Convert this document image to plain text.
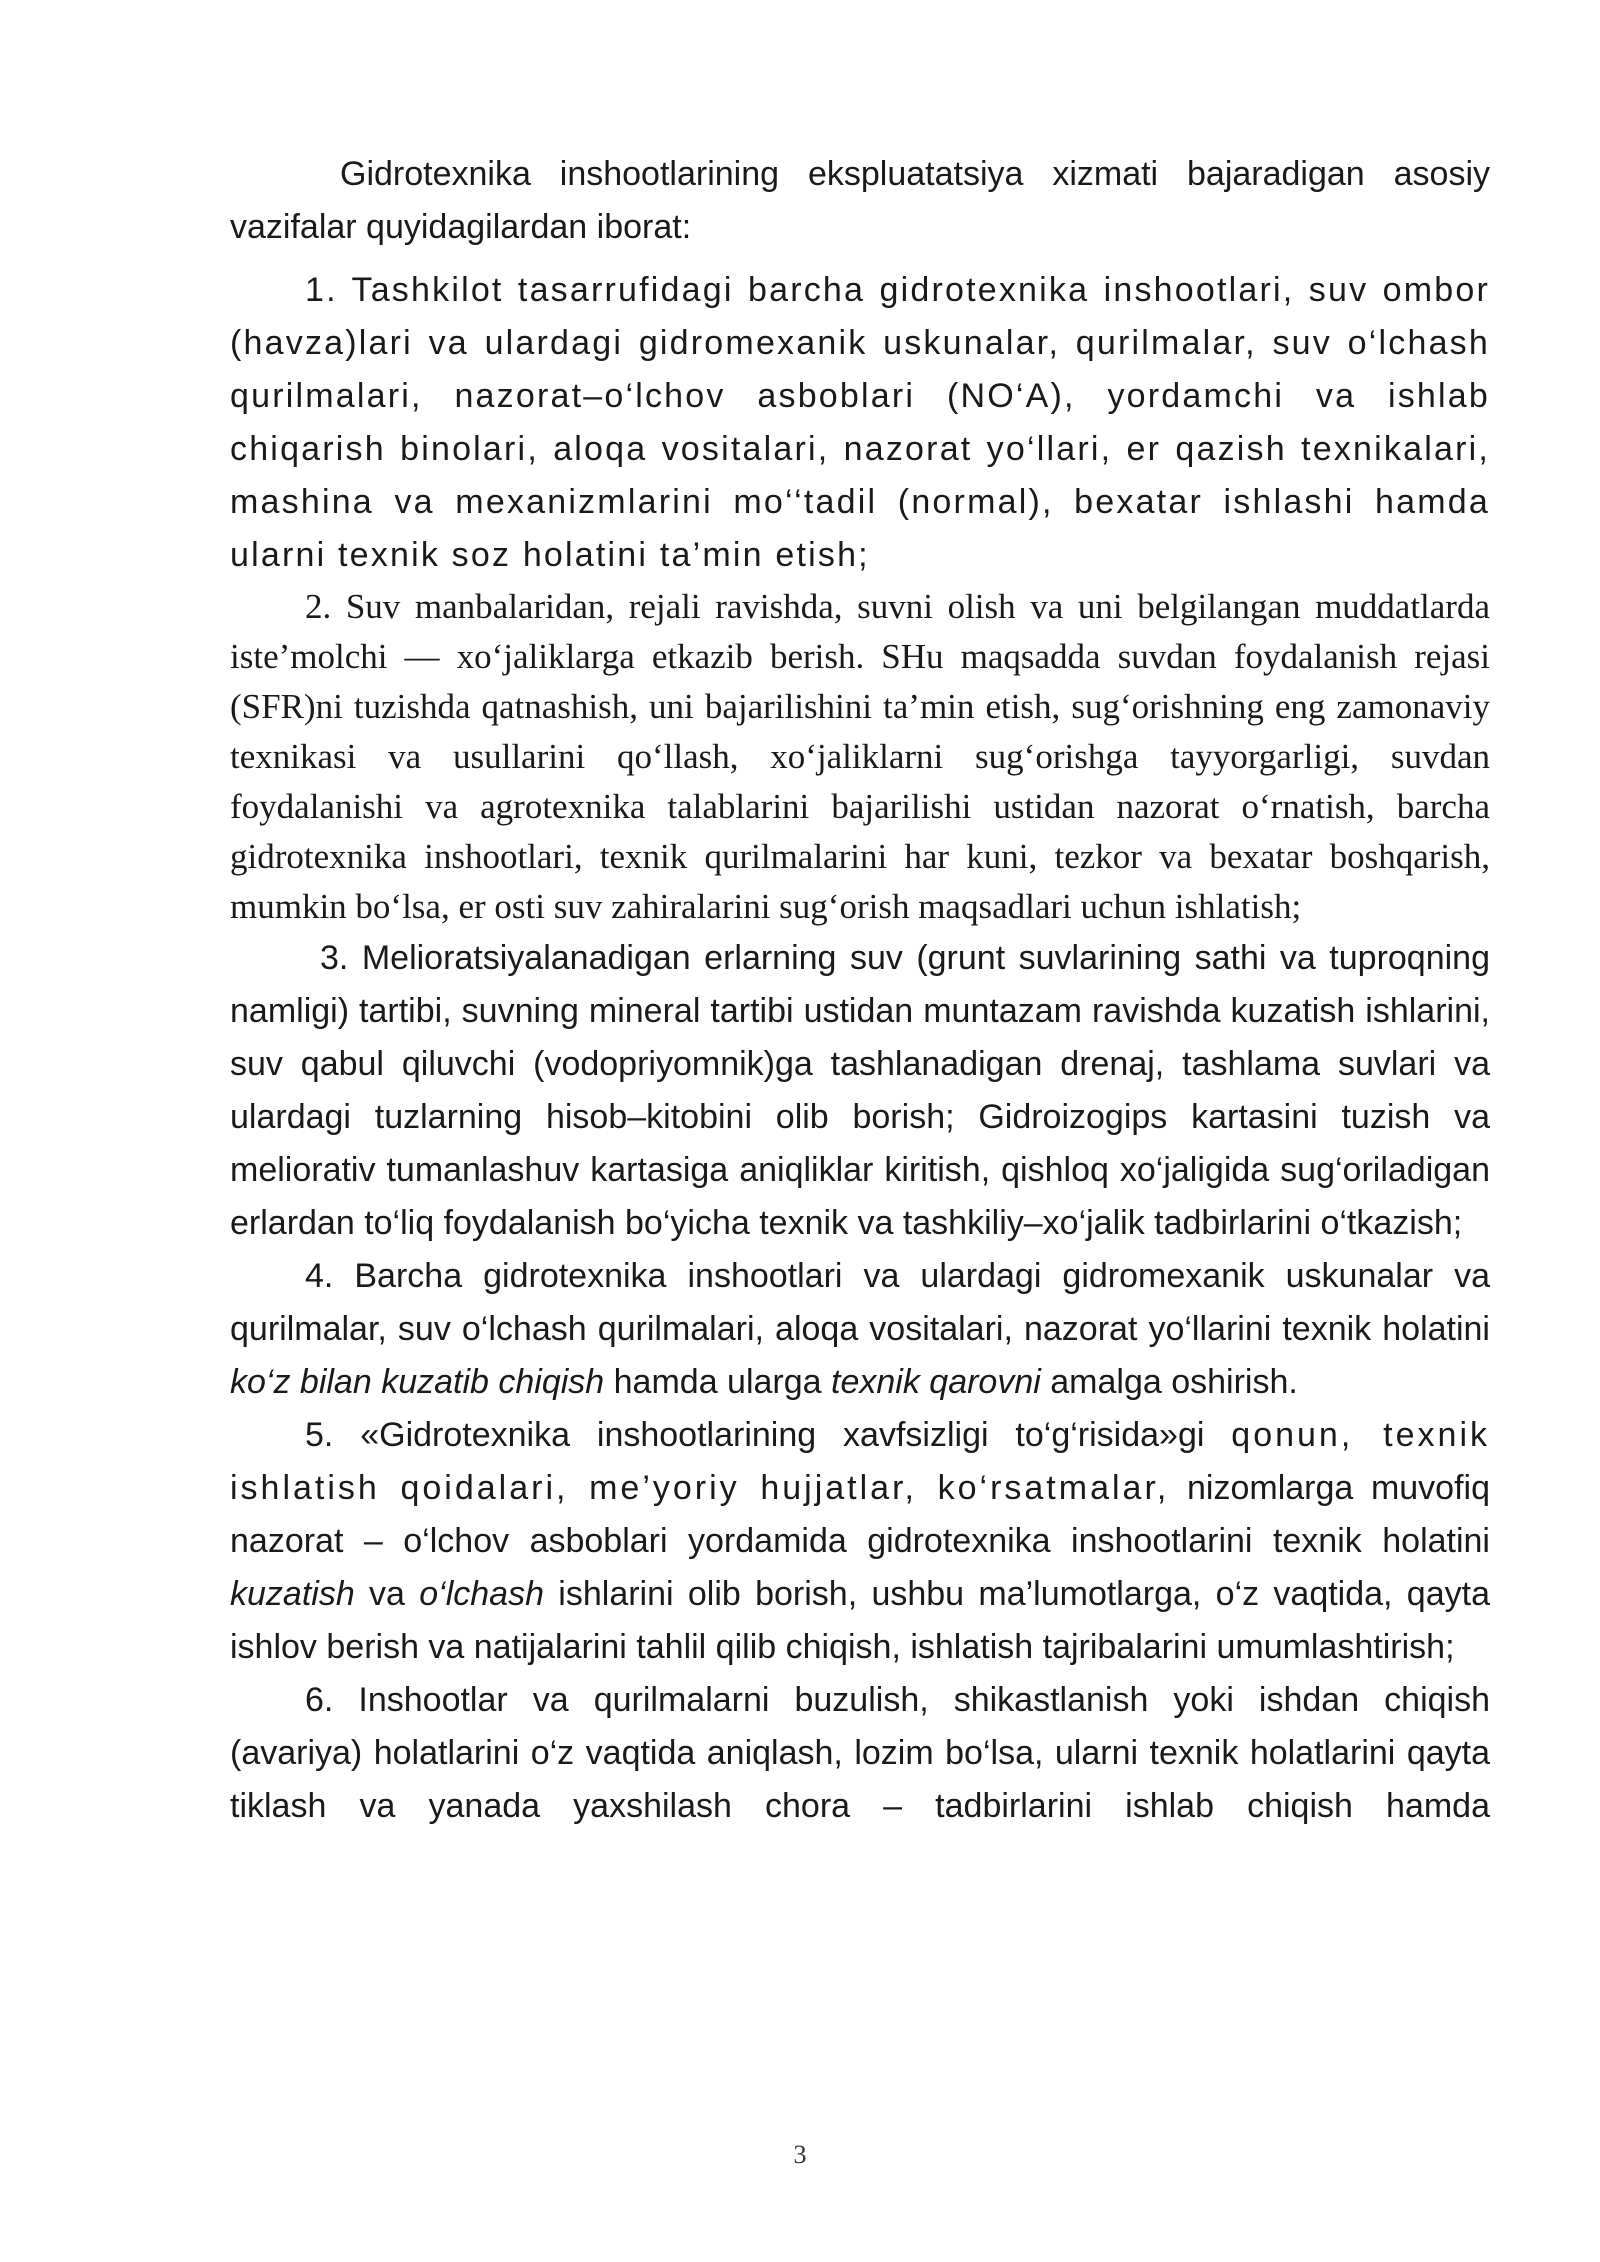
Gidrotexnika inshootlarining ekspluatatsiya xizmati bajaradigan asosiy vazifalar quyidagilardan iborat:

1. Tashkilot tasarrufidagi barcha gidrotexnika inshootlari, suv ombor (havza)lari va ulardagi gidromexanik uskunalar, qurilmalar, suv o‘lchash qurilmalari, nazorat–o‘lchov asboblari (NO‘A), yordamchi va ishlab chiqarish binolari, aloqa vositalari, nazorat yo‘llari, er qazish texnikalari, mashina va mexanizmlarini mo‘‘tadil (normal), bexatar ishlashi hamda ularni texnik soz holatini ta’min etish;

2. Suv manbalaridan, rejali ravishda, suvni olish va uni belgilangan muddatlarda iste’molchi — xo‘jaliklarga etkazib berish. SHu maqsadda suvdan foydalanish rejasi (SFR)ni tuzishda qatnashish, uni bajarilishini ta’min etish, sug‘orishning eng zamonaviy texnikasi va usullarini qo‘llash, xo‘jaliklarni sug‘orishga tayyorgarligi, suvdan foydalanishi va agrotexnika talablarini bajarilishi ustidan nazorat o‘rnatish, barcha gidrotexnika inshootlari, texnik qurilmalarini har kuni, tezkor va bexatar boshqarish, mumkin bo‘lsa, er osti suv zahiralarini sug‘orish maqsadlari uchun ishlatish;

3. Melioratsiyalanadigan erlarning suv (grunt suvlarining sathi va tuproqning namligi) tartibi, suvning mineral tartibi ustidan muntazam ravishda kuzatish ishlarini, suv qabul qiluvchi (vodopriyomnik)ga tashlanadigan drenaj, tashlama suvlari va ulardagi tuzlarning hisob–kitobini olib borish; Gidroizogips kartasini tuzish va meliorativ tumanlashuv kartasiga aniqliklar kiritish, qishloq xo‘jaligida sug‘oriladigan erlardan to‘liq foydalanish bo‘yicha texnik va tashkiliy–xo‘jalik tadbirlarini o‘tkazish;

4. Barcha gidrotexnika inshootlari va ulardagi gidromexanik uskunalar va qurilmalar, suv o‘lchash qurilmalari, aloqa vositalari, nazorat yo‘llarini texnik holatini ko‘z bilan kuzatib chiqish hamda ularga texnik qarovni amalga oshirish.

5. «Gidrotexnika inshootlarining xavfsizligi to‘g‘risida»gi qonun, texnik ishlatish qoidalari, me’yoriy hujjatlar, ko‘rsatmalar, nizomlarga muvofiq nazorat – o‘lchov asboblari yordamida gidrotexnika inshootlarini texnik holatini kuzatish va o‘lchash ishlarini olib borish, ushbu ma’lumotlarga, o‘z vaqtida, qayta ishlov berish va natijalarini tahlil qilib chiqish, ishlatish tajribalarini umumlashtirish;

6. Inshootlar va qurilmalarni buzulish, shikastlanish yoki ishdan chiqish (avariya) holatlarini o‘z vaqtida aniqlash, lozim bo‘lsa, ularni texnik holatlarini qayta tiklash va yanada yaxshilash chora – tadbirlarini ishlab chiqish hamda

3
